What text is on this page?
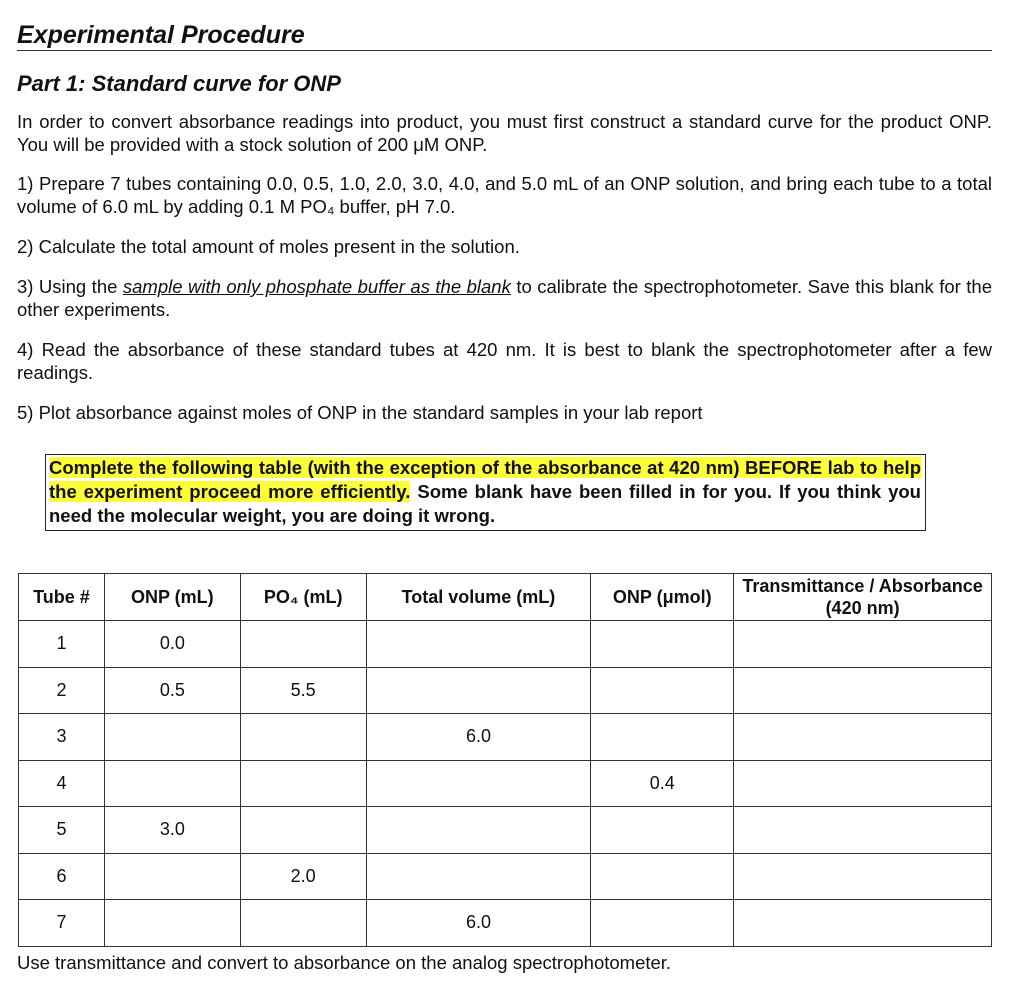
Experimental Procedure
Part 1: Standard curve for ONP
In order to convert absorbance readings into product, you must first construct a standard curve for the product ONP. You will be provided with a stock solution of 200 μM ONP.
1) Prepare 7 tubes containing 0.0, 0.5, 1.0, 2.0, 3.0, 4.0, and 5.0 mL of an ONP solution, and bring each tube to a total volume of 6.0 mL by adding 0.1 M PO₄ buffer, pH 7.0.
2) Calculate the total amount of moles present in the solution.
3) Using the sample with only phosphate buffer as the blank to calibrate the spectrophotometer. Save this blank for the other experiments.
4) Read the absorbance of these standard tubes at 420 nm. It is best to blank the spectrophotometer after a few readings.
5) Plot absorbance against moles of ONP in the standard samples in your lab report
Complete the following table (with the exception of the absorbance at 420 nm) BEFORE lab to help the experiment proceed more efficiently. Some blank have been filled in for you. If you think you need the molecular weight, you are doing it wrong.
Tube #	ONP (mL)	PO₄ (mL)	Total volume (mL)	ONP (μmol)	Transmittance / Absorbance (420 nm)
1	0.0				
2	0.5	5.5			
3			6.0		
4				0.4	
5	3.0				
6		2.0			
7			6.0		
Use transmittance and convert to absorbance on the analog spectrophotometer.
